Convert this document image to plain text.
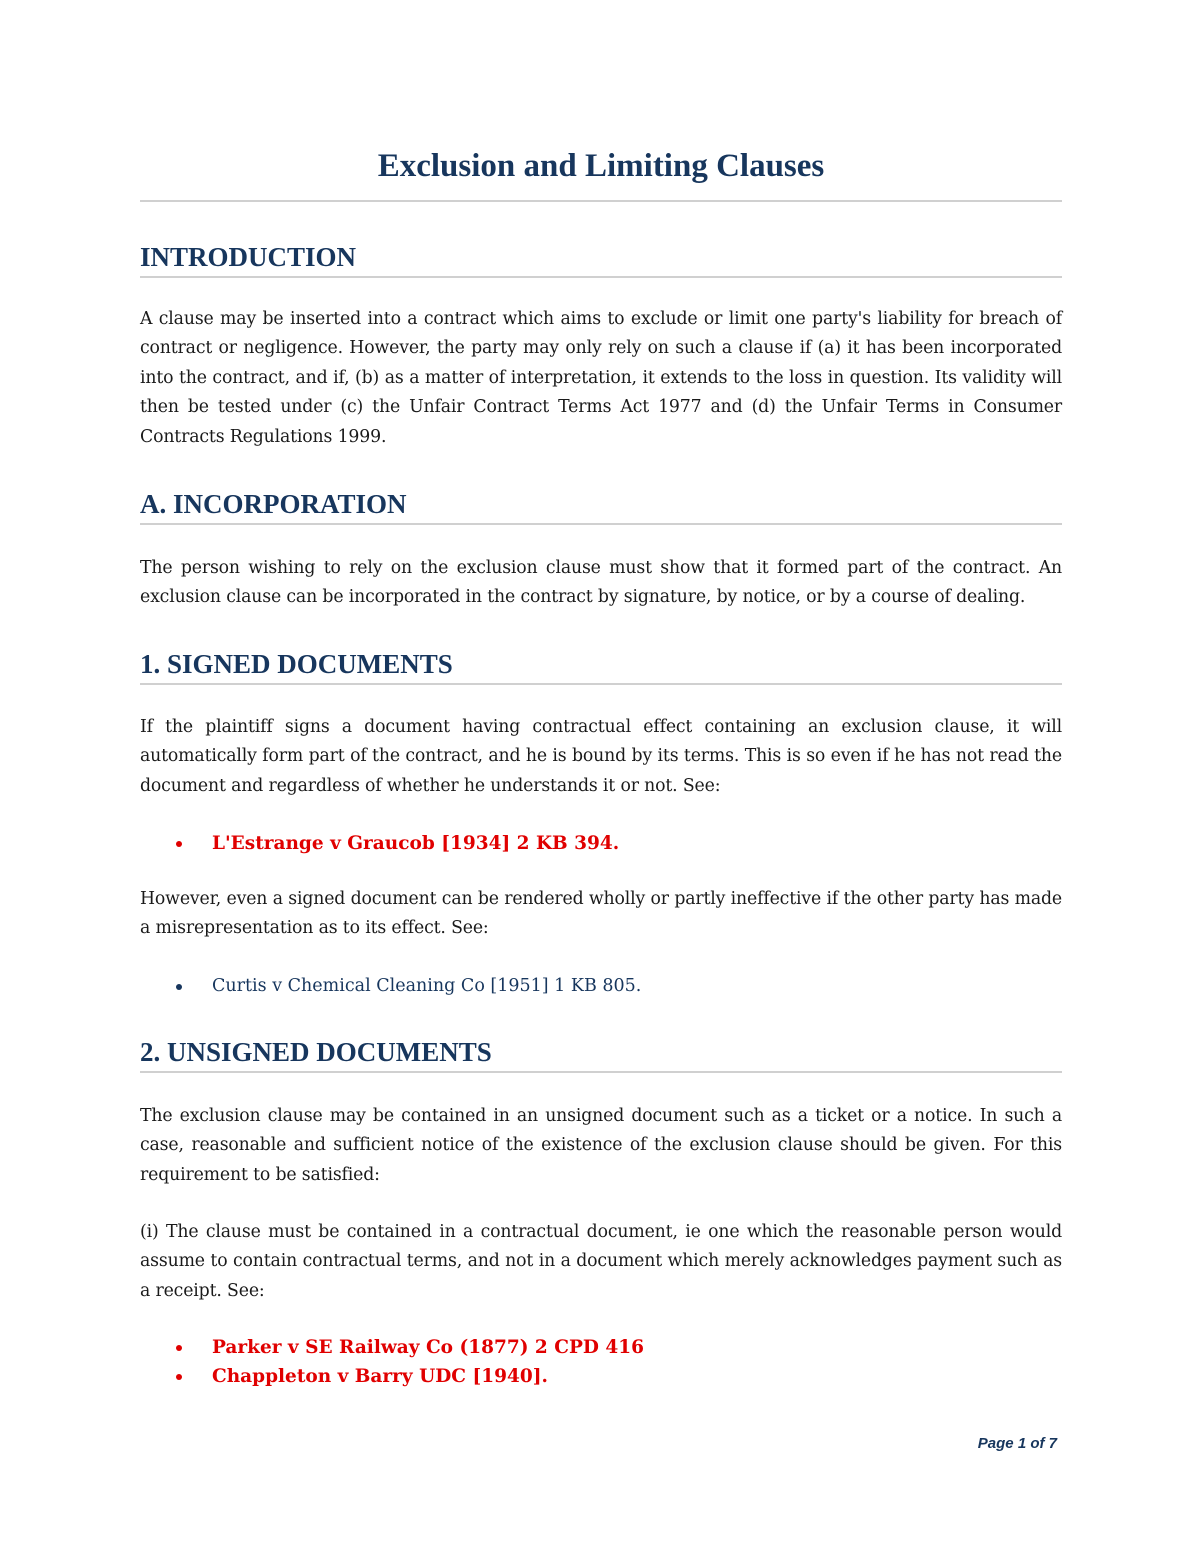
Exclusion and Limiting Clauses
INTRODUCTION

A clause may be inserted into a contract which aims to exclude or limit one party's liability for breach of contract or negligence. However, the party may only rely on such a clause if (a) it has been incorporated into the contract, and if, (b) as a matter of interpretation, it extends to the loss in question. Its validity will then be tested under (c) the Unfair Contract Terms Act 1977 and (d) the Unfair Terms in Consumer Contracts Regulations 1999.

A. INCORPORATION

The person wishing to rely on the exclusion clause must show that it formed part of the contract. An exclusion clause can be incorporated in the contract by signature, by notice, or by a course of dealing.

1. SIGNED DOCUMENTS

If the plaintiff signs a document having contractual effect containing an exclusion clause, it will automatically form part of the contract, and he is bound by its terms. This is so even if he has not read the document and regardless of whether he understands it or not. See:

L'Estrange v Graucob [1934] 2 KB 394.

However, even a signed document can be rendered wholly or partly ineffective if the other party has made a misrepresentation as to its effect. See:

Curtis v Chemical Cleaning Co [1951] 1 KB 805.
2. UNSIGNED DOCUMENTS

The exclusion clause may be contained in an unsigned document such as a ticket or a notice. In such a case, reasonable and sufficient notice of the existence of the exclusion clause should be given. For this requirement to be satisfied:

(i) The clause must be contained in a contractual document, ie one which the reasonable person would assume to contain contractual terms, and not in a document which merely acknowledges payment such as a receipt. See:

Parker v SE Railway Co (1877) 2 CPD 416
Chappleton v Barry UDC [1940].
Page 1 of 7
